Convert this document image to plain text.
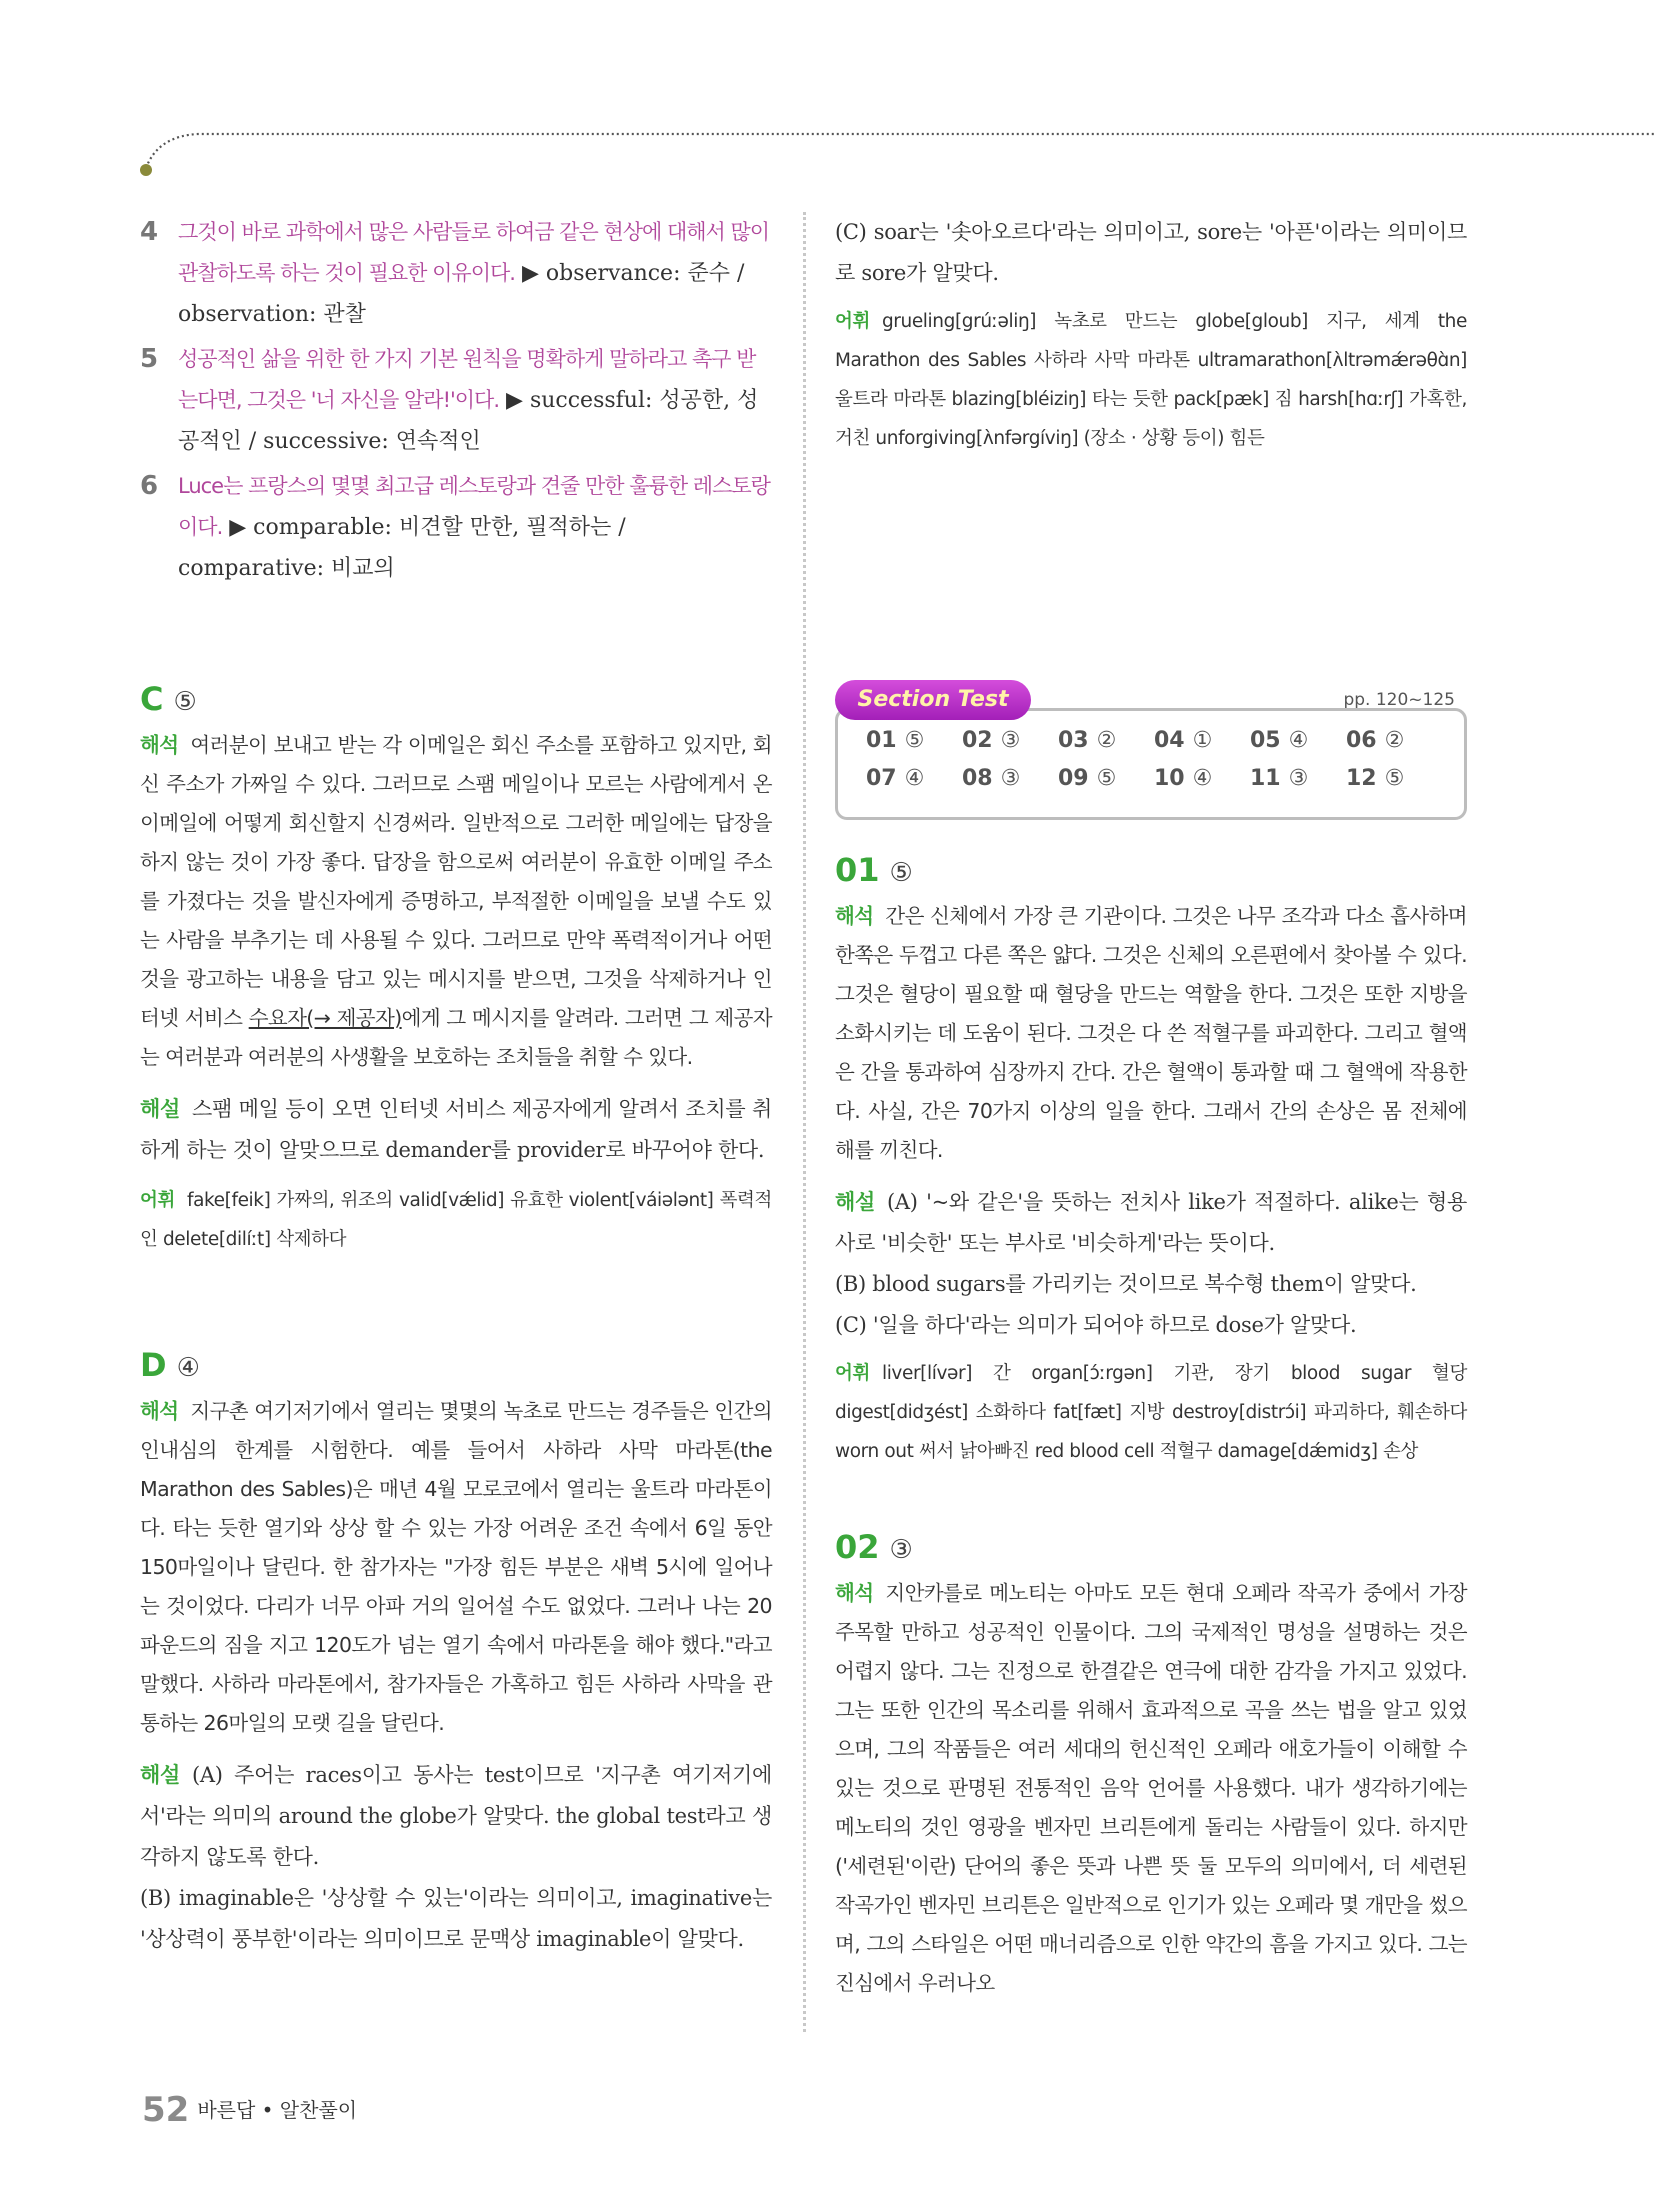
4 그것이 바로 과학에서 많은 사람들로 하여금 같은 현상에 대해서 많이 관찰하도록 하는 것이 필요한 이유이다. ▶ observance: 준수 / observation: 관찰
5 성공적인 삶을 위한 한 가지 기본 원칙을 명확하게 말하라고 촉구 받는다면, 그것은 '너 자신을 알라!'이다. ▶ successful: 성공한, 성공적인 / successive: 연속적인
6 Luce는 프랑스의 몇몇 최고급 레스토랑과 견줄 만한 훌륭한 레스토랑이다. ▶ comparable: 비견할 만한, 필적하는 / comparative: 비교의
C ⑤

해석 여러분이 보내고 받는 각 이메일은 회신 주소를 포함하고 있지만, 회신 주소가 가짜일 수 있다. 그러므로 스팸 메일이나 모르는 사람에게서 온 이메일에 어떻게 회신할지 신경써라. 일반적으로 그러한 메일에는 답장을 하지 않는 것이 가장 좋다. 답장을 함으로써 여러분이 유효한 이메일 주소를 가졌다는 것을 발신자에게 증명하고, 부적절한 이메일을 보낼 수도 있는 사람을 부추기는 데 사용될 수 있다. 그러므로 만약 폭력적이거나 어떤 것을 광고하는 내용을 담고 있는 메시지를 받으면, 그것을 삭제하거나 인터넷 서비스 수요자(→ 제공자)에게 그 메시지를 알려라. 그러면 그 제공자는 여러분과 여러분의 사생활을 보호하는 조치들을 취할 수 있다.

해설 스팸 메일 등이 오면 인터넷 서비스 제공자에게 알려서 조치를 취하게 하는 것이 알맞으므로 demander를 provider로 바꾸어야 한다.

어휘 fake[feik] 가짜의, 위조의 valid[vǽlid] 유효한 violent[váiələnt] 폭력적인 delete[dilíːt] 삭제하다

D ④

해석 지구촌 여기저기에서 열리는 몇몇의 녹초로 만드는 경주들은 인간의 인내심의 한계를 시험한다. 예를 들어서 사하라 사막 마라톤(the Marathon des Sables)은 매년 4월 모로코에서 열리는 울트라 마라톤이다. 타는 듯한 열기와 상상 할 수 있는 가장 어려운 조건 속에서 6일 동안 150마일이나 달린다. 한 참가자는 "가장 힘든 부분은 새벽 5시에 일어나는 것이었다. 다리가 너무 아파 거의 일어설 수도 없었다. 그러나 나는 20파운드의 짐을 지고 120도가 넘는 열기 속에서 마라톤을 해야 했다."라고 말했다. 사하라 마라톤에서, 참가자들은 가혹하고 힘든 사하라 사막을 관통하는 26마일의 모랫 길을 달린다.

해설 (A) 주어는 races이고 동사는 test이므로 '지구촌 여기저기에서'라는 의미의 around the globe가 알맞다. the global test라고 생각하지 않도록 한다.

(B) imaginable은 '상상할 수 있는'이라는 의미이고, imaginative는 '상상력이 풍부한'이라는 의미이므로 문맥상 imaginable이 알맞다.

(C) soar는 '솟아오르다'라는 의미이고, sore는 '아픈'이라는 의미이므로 sore가 알맞다.

어휘 grueling[grúːəliŋ] 녹초로 만드는 globe[gloub] 지구, 세계 the Marathon des Sables 사하라 사막 마라톤 ultramarathon[ʌ̀ltrəmǽrəθɑ̀n] 울트라 마라톤 blazing[bléiziŋ] 타는 듯한 pack[pæk] 짐 harsh[hɑːrʃ] 가혹한, 거친 unforgiving[ʌ̀nfərgíviŋ] (장소 · 상황 등이) 힘든

Section Test	pp. 120~125
01 ⑤	02 ③	03 ②	04 ①	05 ④	06 ②
07 ④	08 ③	09 ⑤	10 ④	11 ③	12 ⑤
01 ⑤

해석 간은 신체에서 가장 큰 기관이다. 그것은 나무 조각과 다소 흡사하며 한쪽은 두껍고 다른 쪽은 얇다. 그것은 신체의 오른편에서 찾아볼 수 있다. 그것은 혈당이 필요할 때 혈당을 만드는 역할을 한다. 그것은 또한 지방을 소화시키는 데 도움이 된다. 그것은 다 쓴 적혈구를 파괴한다. 그리고 혈액은 간을 통과하여 심장까지 간다. 간은 혈액이 통과할 때 그 혈액에 작용한다. 사실, 간은 70가지 이상의 일을 한다. 그래서 간의 손상은 몸 전체에 해를 끼친다.

해설 (A) '~와 같은'을 뜻하는 전치사 like가 적절하다. alike는 형용사로 '비슷한' 또는 부사로 '비슷하게'라는 뜻이다.

(B) blood sugars를 가리키는 것이므로 복수형 them이 알맞다.

(C) '일을 하다'라는 의미가 되어야 하므로 dose가 알맞다.

어휘 liver[lívər] 간 organ[ɔ́ːrgən] 기관, 장기 blood sugar 혈당 digest[didʒést] 소화하다 fat[fæt] 지방 destroy[distrɔ́i] 파괴하다, 훼손하다 worn out 써서 낡아빠진 red blood cell 적혈구 damage[dǽmidʒ] 손상

02 ③

해석 지안카를로 메노티는 아마도 모든 현대 오페라 작곡가 중에서 가장 주목할 만하고 성공적인 인물이다. 그의 국제적인 명성을 설명하는 것은 어렵지 않다. 그는 진정으로 한결같은 연극에 대한 감각을 가지고 있었다. 그는 또한 인간의 목소리를 위해서 효과적으로 곡을 쓰는 법을 알고 있었으며, 그의 작품들은 여러 세대의 헌신적인 오페라 애호가들이 이해할 수 있는 것으로 판명된 전통적인 음악 언어를 사용했다. 내가 생각하기에는 메노티의 것인 영광을 벤자민 브리튼에게 돌리는 사람들이 있다. 하지만 ('세련된'이란) 단어의 좋은 뜻과 나쁜 뜻 둘 모두의 의미에서, 더 세련된 작곡가인 벤자민 브리튼은 일반적으로 인기가 있는 오페라 몇 개만을 썼으며, 그의 스타일은 어떤 매너리즘으로 인한 약간의 흠을 가지고 있다. 그는 진심에서 우러나오

52 바른답 • 알찬풀이
